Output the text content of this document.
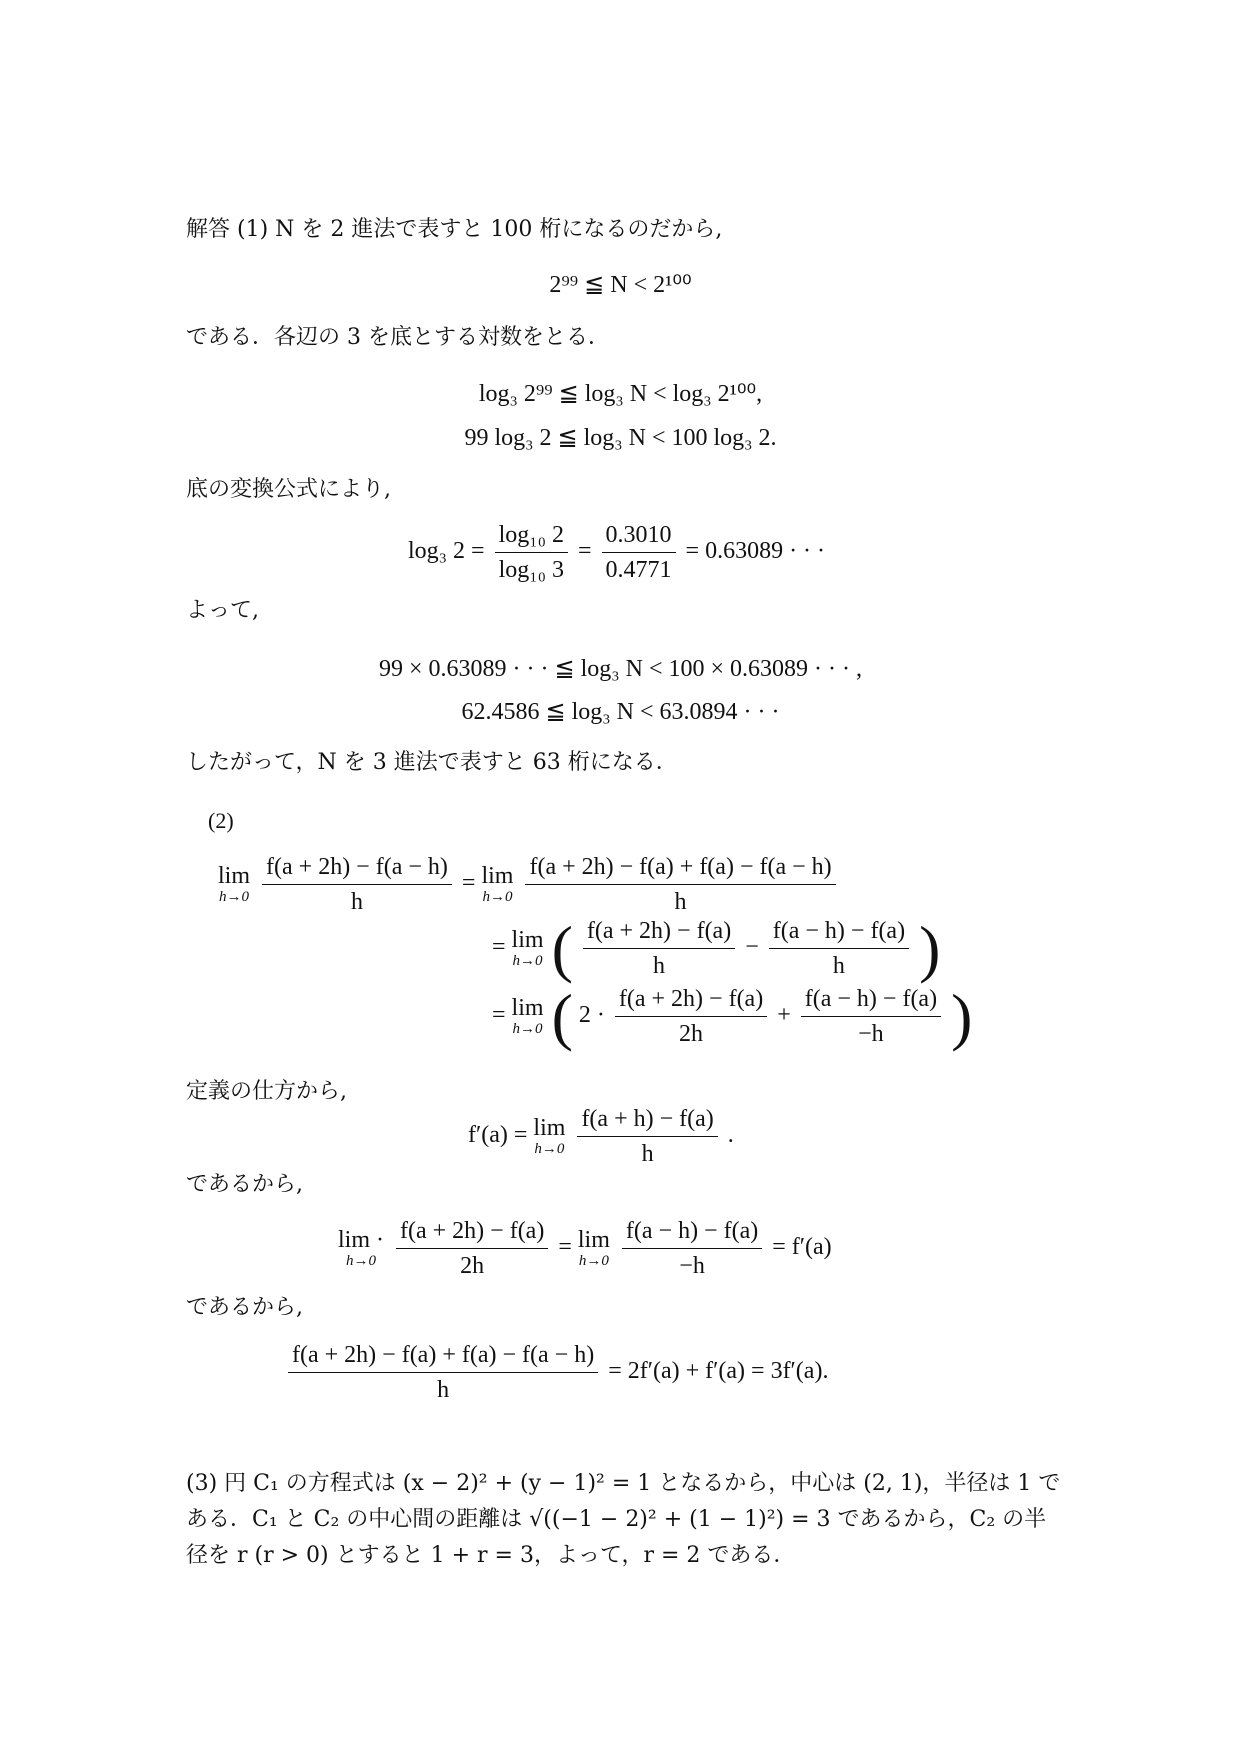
解答 (1) N を 2 進法で表すと 100 桁になるのだから,
2⁹⁹ ≦ N < 2¹⁰⁰
である．各辺の 3 を底とする対数をとる．
log₃ 2⁹⁹ ≦ log₃ N < log₃ 2¹⁰⁰,
99 log₃ 2 ≦ log₃ N < 100 log₃ 2.
底の変換公式により,
log₃ $2 = \frac{\text{log₁₀ 2}}{\text{log₁₀ 3}} = \frac{0.3010}{0.4771} = 0.63089$ · · ·
よって,
99 × 0.63089 · · · ≦ log₃ N < 100 × 0.63089 · · · ,
62.4586 ≦ log₃ N < 63.0894 · · ·
したがって，N を 3 進法で表すと 63 桁になる．
(2)
lim
h→0
$\frac{f(a + 2h) - f(a - h)}{h} = \lim$
h→0
$\frac{f(a + 2h) - f(a) + f(a) - f(a - h)}{h}$
= lim
h→0 ( $\frac{f(a + 2h) - f(a)}{h} - \frac{f(a - h) - f(a)}{h}$ )
= lim
h→0 ( $2 \cdot \frac{f(a + 2h) - f(a)}{2h} + \frac{f(a - h) - f(a)}{-h}$ )
定義の仕方から,
f′(a) = lim
h→0
$\frac{f(a + h) - f(a)}{h}$ .
であるから,
lim ·
h→0
$\frac{f(a + 2h) - f(a)}{2h} = \lim$
h→0
$\frac{f(a - h) - f(a)}{-h} = f'(a)$
であるから,
$\frac{f(a + 2h) - f(a) + f(a) - f(a - h)}{h} = 2f'(a) + f'(a) = 3f'(a)$.
(3) 円 C₁ の方程式は (x − 2)² + (y − 1)² = 1 となるから，中心は (2, 1)，半径は 1 である．C₁ と C₂ の中心間の距離は √((−1 − 2)² + (1 − 1)²) = 3 であるから，C₂ の半径を r (r > 0) とすると 1 + r = 3，よって，r = 2 である．
